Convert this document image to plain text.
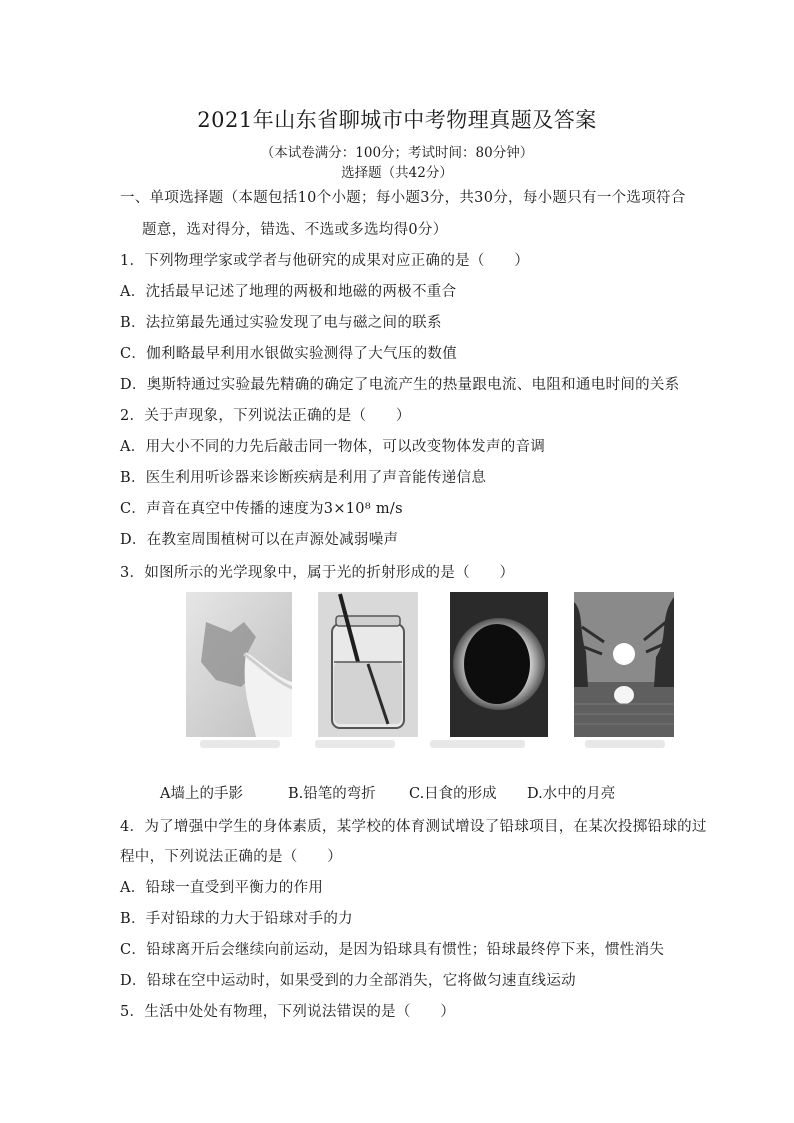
2021年山东省聊城市中考物理真题及答案
（本试卷满分：100分；考试时间：80分钟）
选择题（共42分）
一、单项选择题（本题包括10个小题；每小题3分，共30分，每小题只有一个选项符合
题意，选对得分，错选、不选或多选均得0分）
1．下列物理学家或学者与他研究的成果对应正确的是（　　）
A．沈括最早记述了地理的两极和地磁的两极不重合
B．法拉第最先通过实验发现了电与磁之间的联系
C．伽利略最早利用水银做实验测得了大气压的数值
D．奥斯特通过实验最先精确的确定了电流产生的热量跟电流、电阻和通电时间的关系
2．关于声现象，下列说法正确的是（　　）
A．用大小不同的力先后敲击同一物体，可以改变物体发声的音调
B．医生利用听诊器来诊断疾病是利用了声音能传递信息
C．声音在真空中传播的速度为3×10⁸ m/s
D．在教室周围植树可以在声源处减弱噪声
3．如图所示的光学现象中，属于光的折射形成的是（　　）
A墙上的手影	B.铅笔的弯折 C.日食的形成 D.水中的月亮
4．为了增强中学生的身体素质，某学校的体育测试增设了铅球项目，在某次投掷铅球的过
程中，下列说法正确的是（　　）
A．铅球一直受到平衡力的作用
B．手对铅球的力大于铅球对手的力
C．铅球离开后会继续向前运动，是因为铅球具有惯性；铅球最终停下来，惯性消失
D．铅球在空中运动时，如果受到的力全部消失，它将做匀速直线运动
5．生活中处处有物理，下列说法错误的是（　　）
